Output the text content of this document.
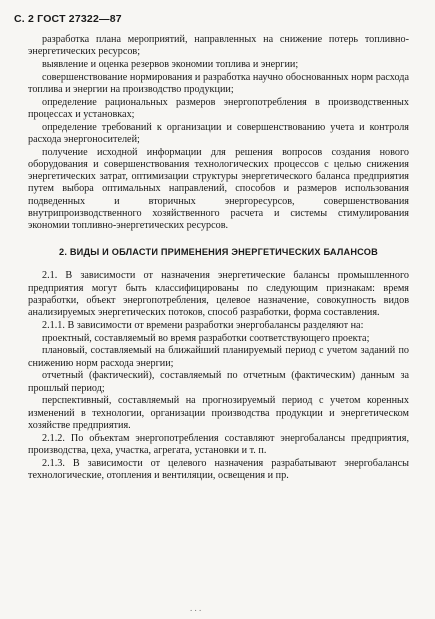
С. 2 ГОСТ 27322—87

разработка плана мероприятий, направленных на снижение потерь топливно-энергетических ресурсов;

выявление и оценка резервов экономии топлива и энергии;

совершенствование нормирования и разработка научно обоснованных норм расхода топлива и энергии на производство продукции;

определение рациональных размеров энергопотребления в производственных процессах и установках;

определение требований к организации и совершенствованию учета и контроля расхода энергоносителей;

получение исходной информации для решения вопросов создания нового оборудования и совершенствования технологических процессов с целью снижения энергетических затрат, оптимизации структуры энергетического баланса предприятия путем выбора оптимальных направлений, способов и размеров использования подведенных и вторичных энергоресурсов, совершенствования внутрипроизводственного хозяйственного расчета и системы стимулирования экономии топливно-энергетических ресурсов.

2. ВИДЫ И ОБЛАСТИ ПРИМЕНЕНИЯ ЭНЕРГЕТИЧЕСКИХ БАЛАНСОВ

2.1. В зависимости от назначения энергетические балансы промышленного предприятия могут быть классифицированы по следующим признакам: время разработки, объект энергопотребления, целевое назначение, совокупность видов анализируемых энергетических потоков, способ разработки, форма составления.

2.1.1. В зависимости от времени разработки энергобалансы разделяют на:

проектный, составляемый во время разработки соответствующего проекта;

плановый, составляемый на ближайший планируемый период с учетом заданий по снижению норм расхода энергии;

отчетный (фактический), составляемый по отчетным (фактическим) данным за прошлый период;

перспективный, составляемый на прогнозируемый период с учетом коренных изменений в технологии, организации производства продукции и энергетическом хозяйстве предприятия.

2.1.2. По объектам энергопотребления составляют энергобалансы предприятия, производства, цеха, участка, агрегата, установки и т. п.

2.1.3. В зависимости от целевого назначения разрабатывают энергобалансы технологические, отопления и вентиляции, освещения и пр.

. . .
